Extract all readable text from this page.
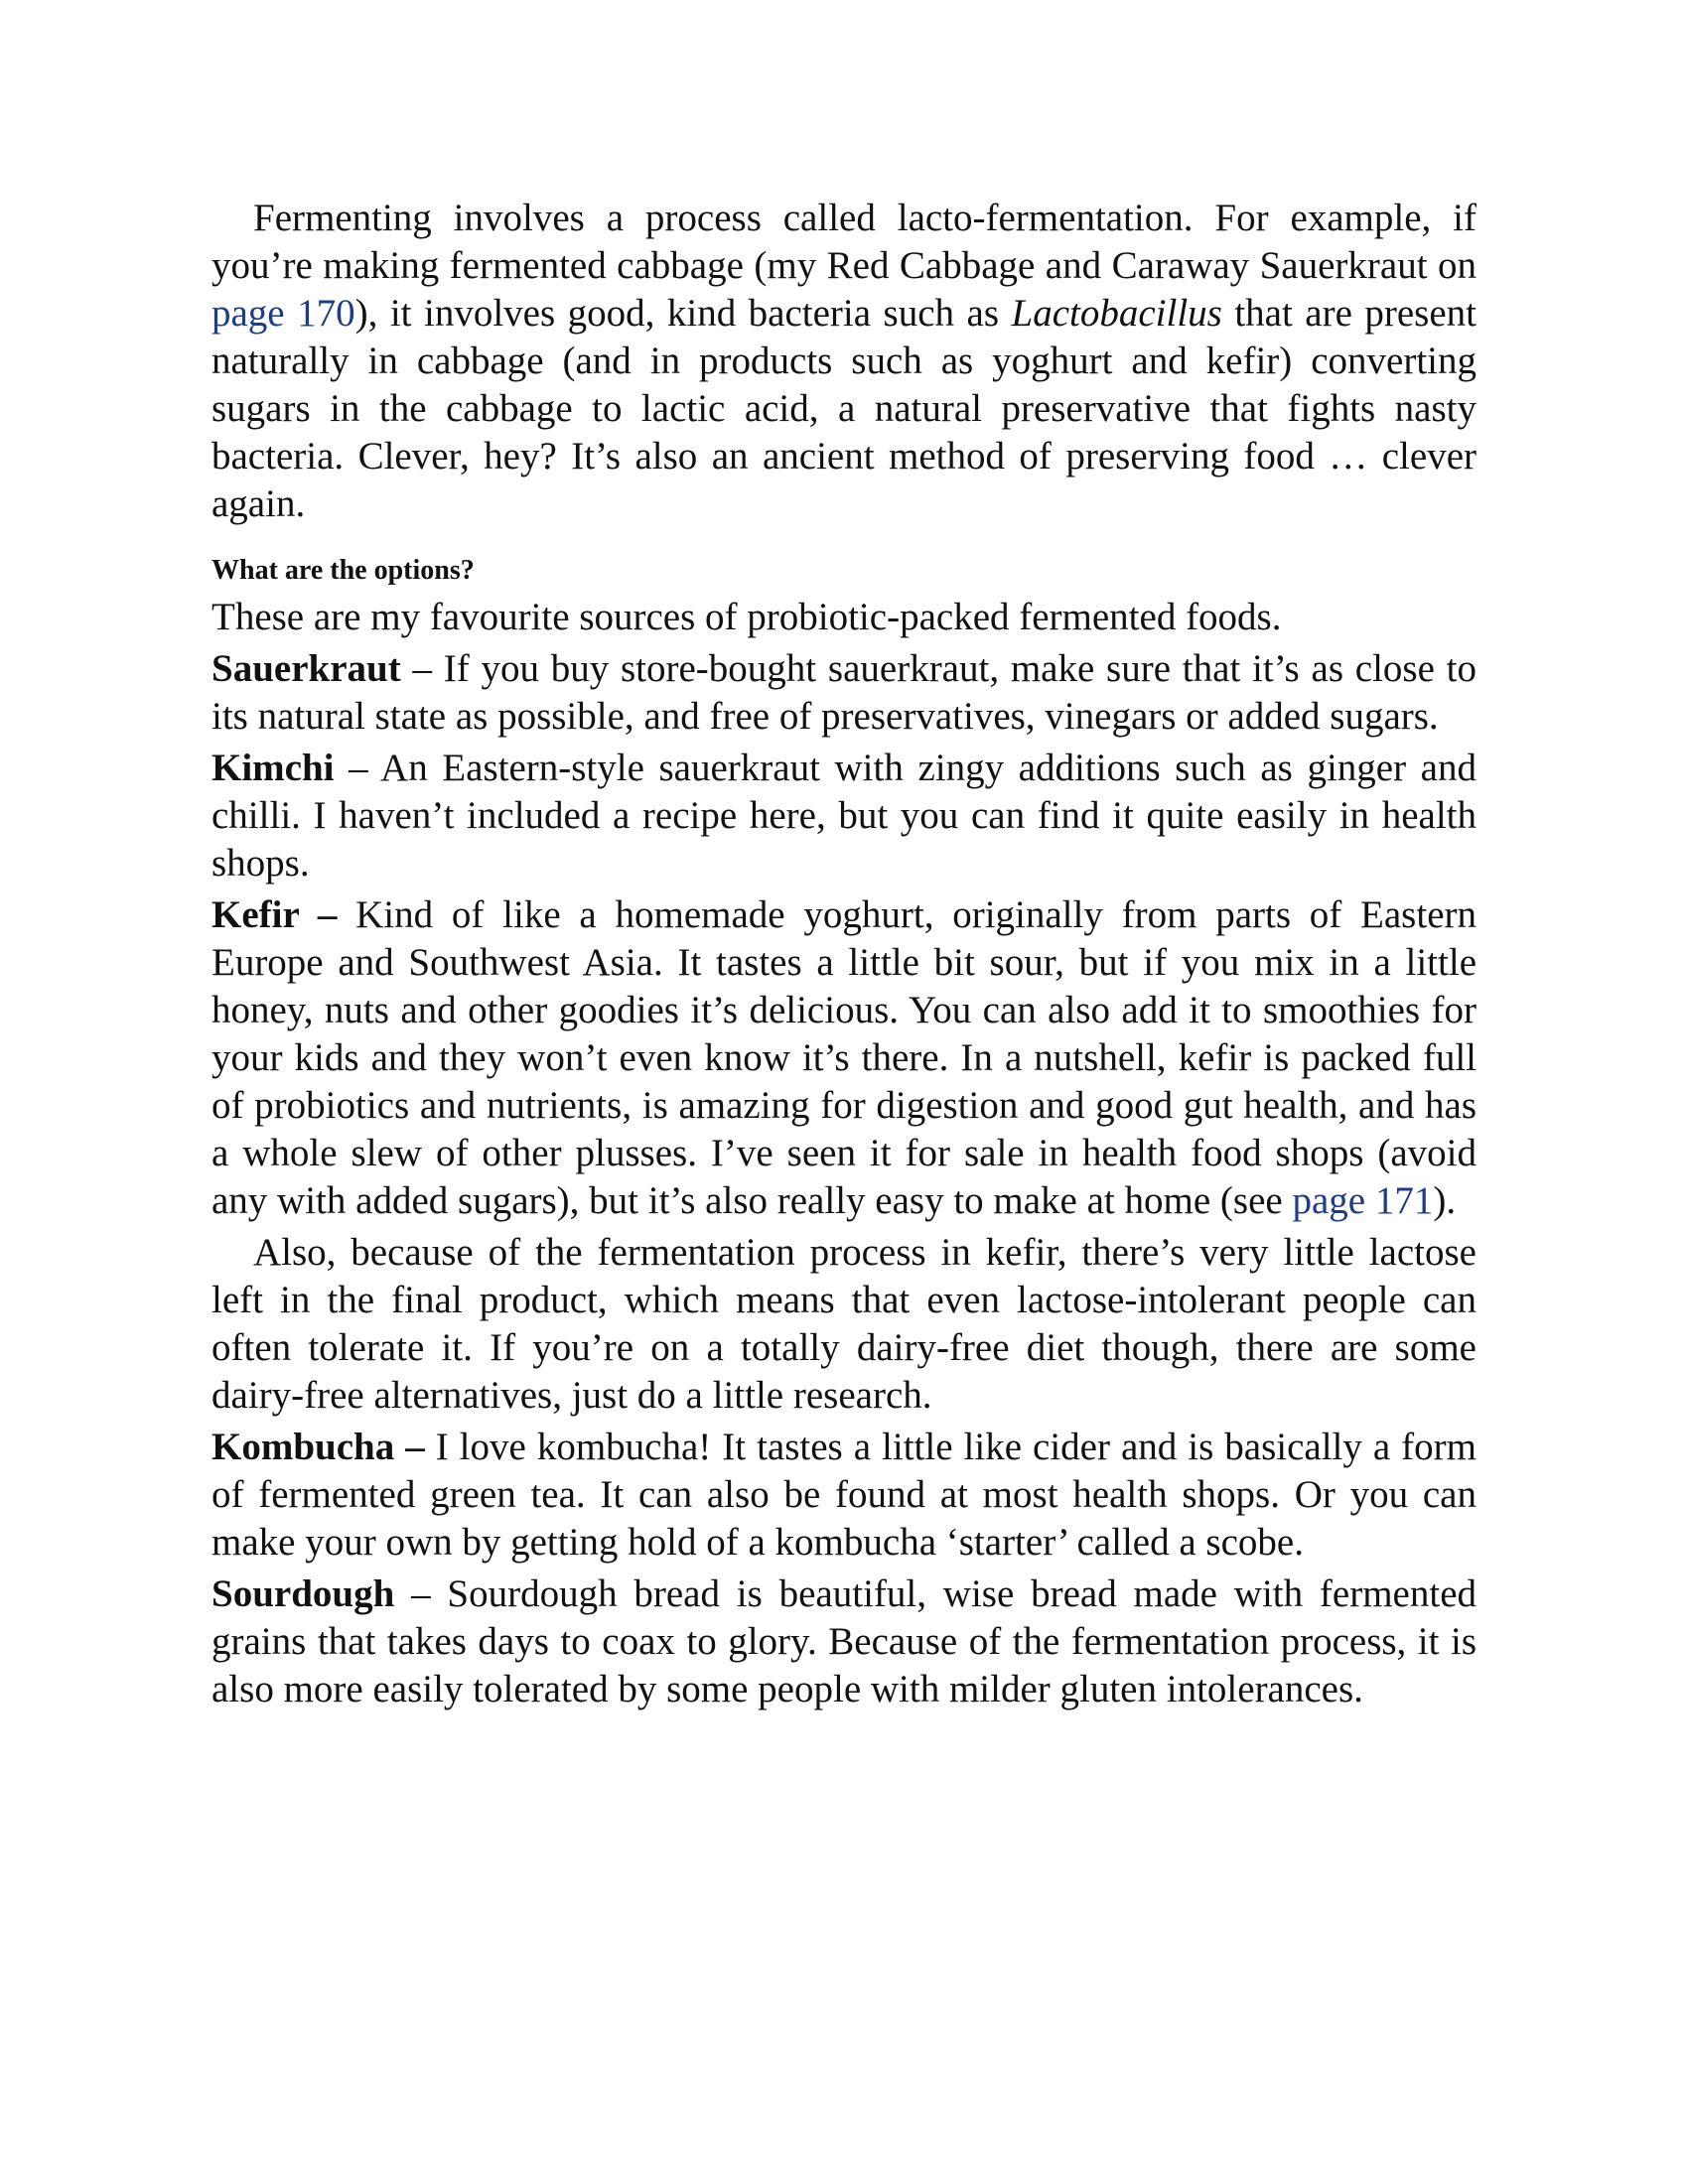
Fermenting involves a process called lacto-fermentation. For example, if you’re making fermented cabbage (my Red Cabbage and Caraway Sauerkraut on page 170), it involves good, kind bacteria such as Lactobacillus that are present naturally in cabbage (and in products such as yoghurt and kefir) converting sugars in the cabbage to lactic acid, a natural preservative that fights nasty bacteria. Clever, hey? It’s also an ancient method of preserving food … clever again.

What are the options?

These are my favourite sources of probiotic-packed fermented foods.

Sauerkraut – If you buy store-bought sauerkraut, make sure that it’s as close to its natural state as possible, and free of preservatives, vinegars or added sugars.

Kimchi – An Eastern-style sauerkraut with zingy additions such as ginger and chilli. I haven’t included a recipe here, but you can find it quite easily in health shops.

Kefir – Kind of like a homemade yoghurt, originally from parts of Eastern Europe and Southwest Asia. It tastes a little bit sour, but if you mix in a little honey, nuts and other goodies it’s delicious. You can also add it to smoothies for your kids and they won’t even know it’s there. In a nutshell, kefir is packed full of probiotics and nutrients, is amazing for digestion and good gut health, and has a whole slew of other plusses. I’ve seen it for sale in health food shops (avoid any with added sugars), but it’s also really easy to make at home (see page 171).

Also, because of the fermentation process in kefir, there’s very little lactose left in the final product, which means that even lactose-intolerant people can often tolerate it. If you’re on a totally dairy-free diet though, there are some dairy-free alternatives, just do a little research.

Kombucha – I love kombucha! It tastes a little like cider and is basically a form of fermented green tea. It can also be found at most health shops. Or you can make your own by getting hold of a kombucha ‘starter’ called a scobe.

Sourdough – Sourdough bread is beautiful, wise bread made with fermented grains that takes days to coax to glory. Because of the fermentation process, it is also more easily tolerated by some people with milder gluten intolerances.
